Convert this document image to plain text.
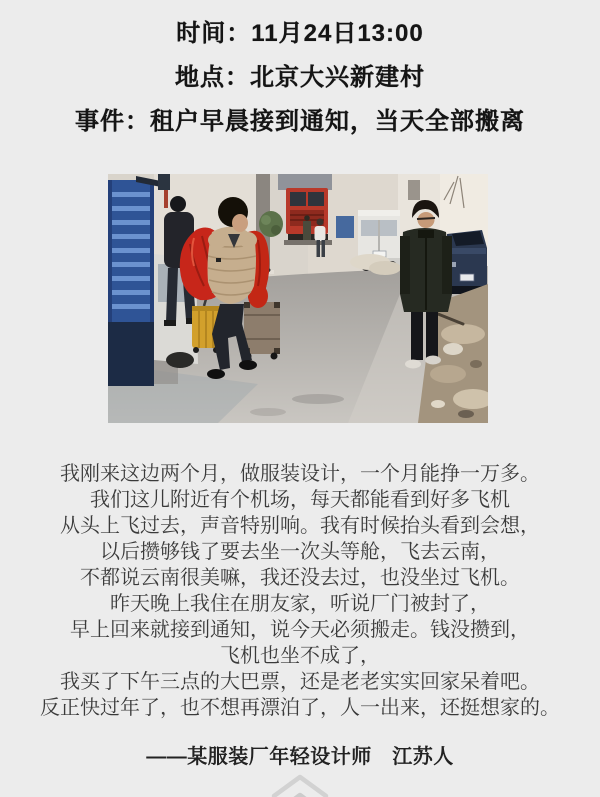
时间：11月24日13:00
地点：北京大兴新建村
事件：租户早晨接到通知，当天全部搬离

我刚来这边两个月，做服装设计，一个月能挣一万多。

我们这儿附近有个机场，每天都能看到好多飞机

从头上飞过去，声音特别响。我有时候抬头看到会想，

以后攒够钱了要去坐一次头等舱，飞去云南，

不都说云南很美嘛，我还没去过，也没坐过飞机。

昨天晚上我住在朋友家，听说厂门被封了，

早上回来就接到通知，说今天必须搬走。钱没攒到，

飞机也坐不成了，

我买了下午三点的大巴票，还是老老实实回家呆着吧。

反正快过年了，也不想再漂泊了，人一出来，还挺想家的。

——某服装厂年轻设计师　江苏人
